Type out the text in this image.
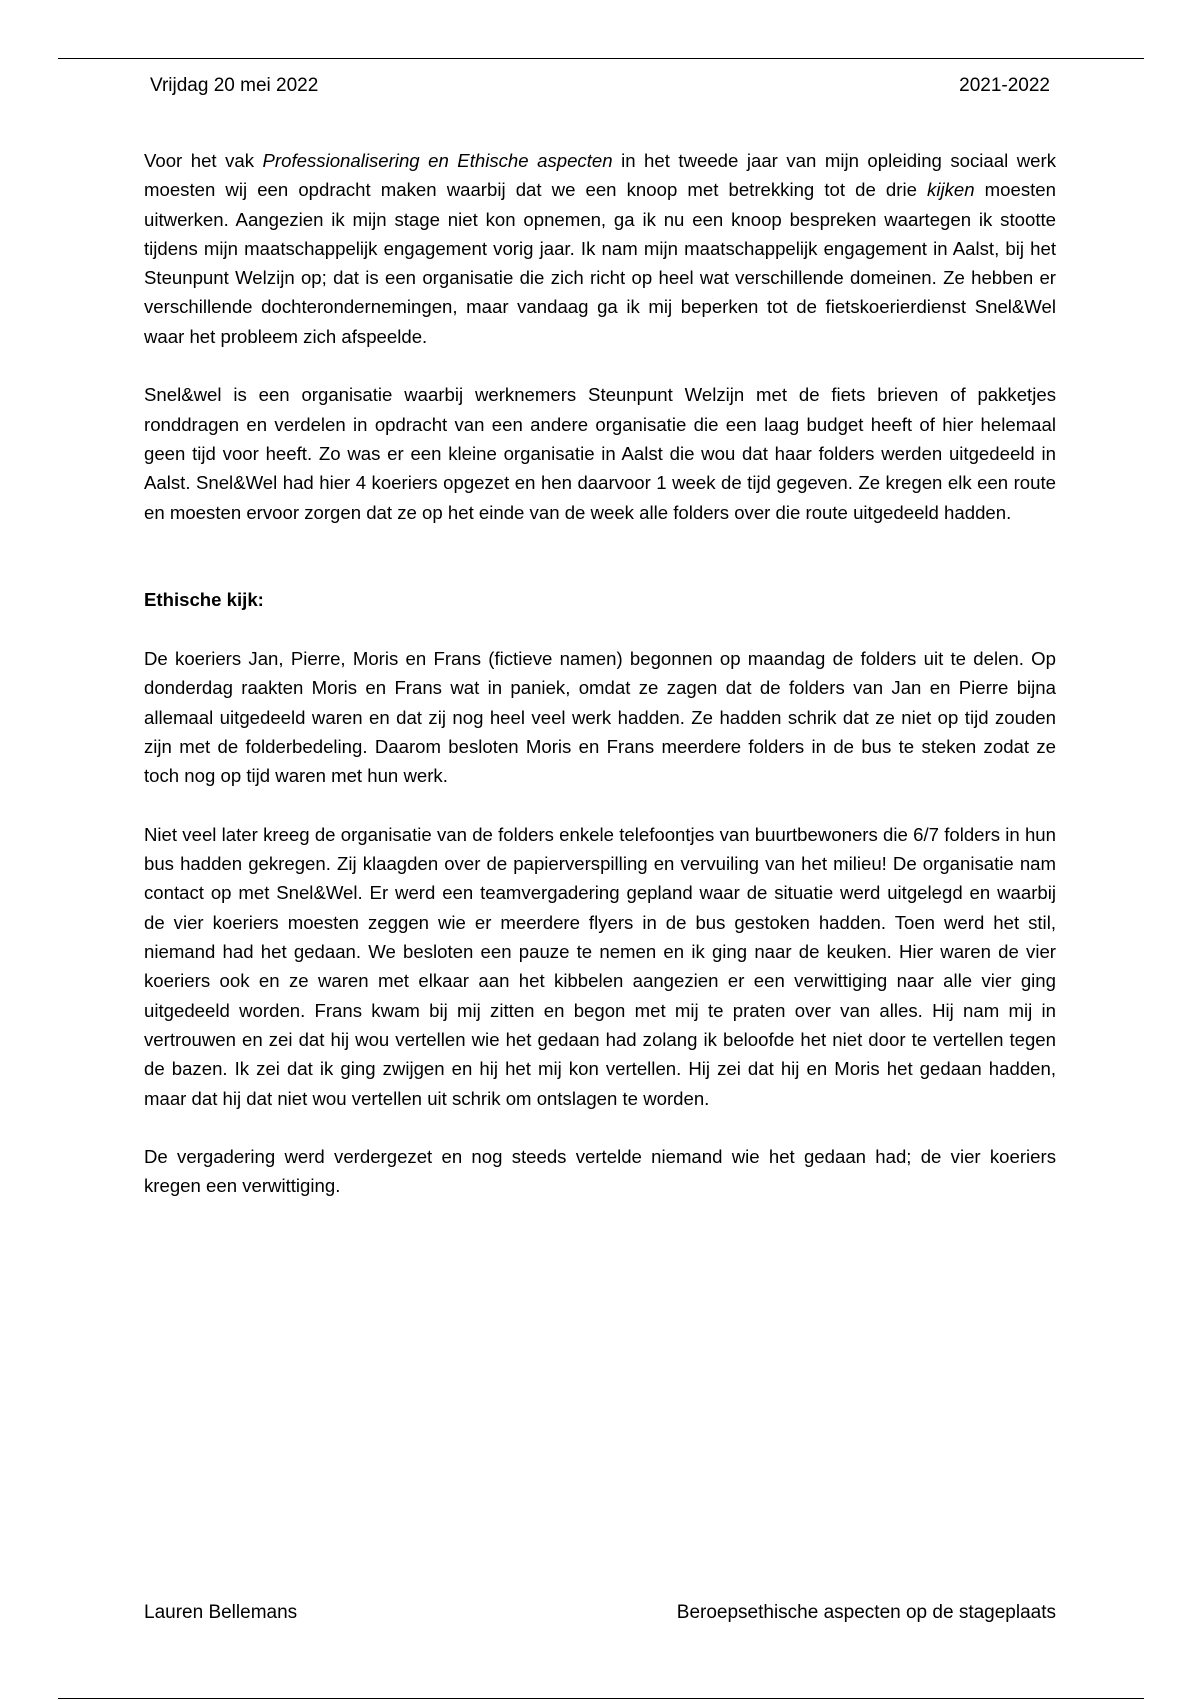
Vrijdag 20 mei 2022	2021-2022

Voor het vak Professionalisering en Ethische aspecten in het tweede jaar van mijn opleiding sociaal werk moesten wij een opdracht maken waarbij dat we een knoop met betrekking tot de drie kijken moesten uitwerken. Aangezien ik mijn stage niet kon opnemen, ga ik nu een knoop bespreken waartegen ik stootte tijdens mijn maatschappelijk engagement vorig jaar. Ik nam mijn maatschappelijk engagement in Aalst, bij het Steunpunt Welzijn op; dat is een organisatie die zich richt op heel wat verschillende domeinen. Ze hebben er verschillende dochterondernemingen, maar vandaag ga ik mij beperken tot de fietskoerierdienst Snel&Wel waar het probleem zich afspeelde.

Snel&wel is een organisatie waarbij werknemers Steunpunt Welzijn met de fiets brieven of pakketjes ronddragen en verdelen in opdracht van een andere organisatie die een laag budget heeft of hier helemaal geen tijd voor heeft. Zo was er een kleine organisatie in Aalst die wou dat haar folders werden uitgedeeld in Aalst. Snel&Wel had hier 4 koeriers opgezet en hen daarvoor 1 week de tijd gegeven. Ze kregen elk een route en moesten ervoor zorgen dat ze op het einde van de week alle folders over die route uitgedeeld hadden.

Ethische kijk:

De koeriers Jan, Pierre, Moris en Frans (fictieve namen) begonnen op maandag de folders uit te delen. Op donderdag raakten Moris en Frans wat in paniek, omdat ze zagen dat de folders van Jan en Pierre bijna allemaal uitgedeeld waren en dat zij nog heel veel werk hadden. Ze hadden schrik dat ze niet op tijd zouden zijn met de folderbedeling. Daarom besloten Moris en Frans meerdere folders in de bus te steken zodat ze toch nog op tijd waren met hun werk.

Niet veel later kreeg de organisatie van de folders enkele telefoontjes van buurtbewoners die 6/7 folders in hun bus hadden gekregen. Zij klaagden over de papierverspilling en vervuiling van het milieu! De organisatie nam contact op met Snel&Wel. Er werd een teamvergadering gepland waar de situatie werd uitgelegd en waarbij de vier koeriers moesten zeggen wie er meerdere flyers in de bus gestoken hadden. Toen werd het stil, niemand had het gedaan. We besloten een pauze te nemen en ik ging naar de keuken. Hier waren de vier koeriers ook en ze waren met elkaar aan het kibbelen aangezien er een verwittiging naar alle vier ging uitgedeeld worden. Frans kwam bij mij zitten en begon met mij te praten over van alles. Hij nam mij in vertrouwen en zei dat hij wou vertellen wie het gedaan had zolang ik beloofde het niet door te vertellen tegen de bazen. Ik zei dat ik ging zwijgen en hij het mij kon vertellen. Hij zei dat hij en Moris het gedaan hadden, maar dat hij dat niet wou vertellen uit schrik om ontslagen te worden.

De vergadering werd verdergezet en nog steeds vertelde niemand wie het gedaan had; de vier koeriers kregen een verwittiging.

Lauren Bellemans	Beroepsethische aspecten op de stageplaats
